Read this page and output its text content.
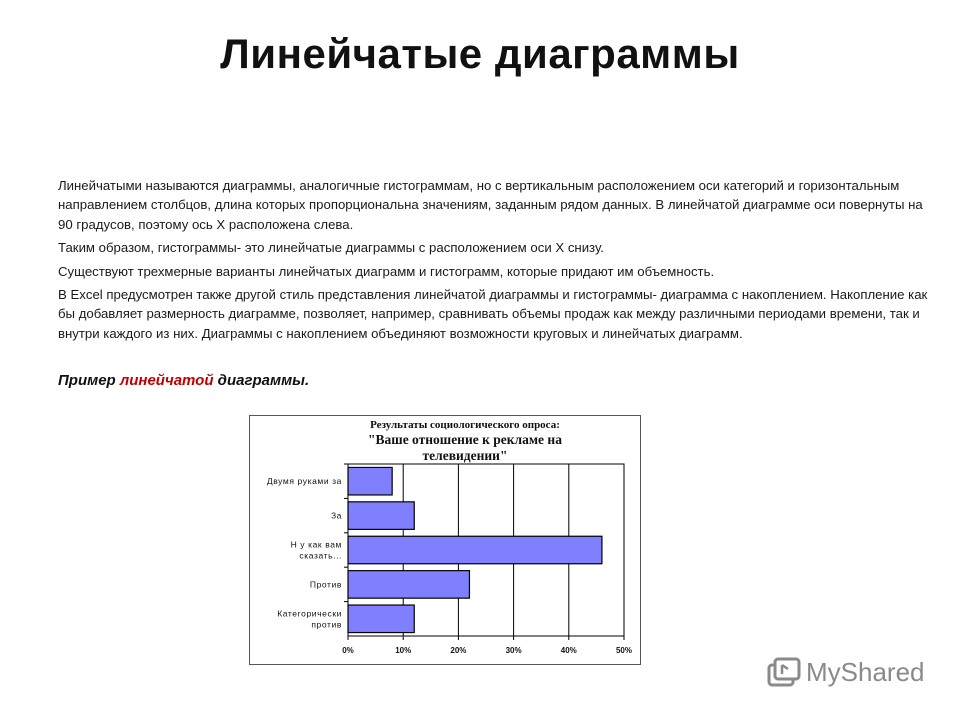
Линейчатые диаграммы

Линейчатыми называются диаграммы, аналогичные гистограммам, но с вертикальным расположением оси категорий и горизонтальным направлением столбцов, длина которых пропорциональна значениям, заданным рядом данных. В линейчатой диаграмме оси повернуты на 90 градусов, поэтому ось X расположена слева.

Таким образом, гистограммы- это линейчатые диаграммы с расположением оси X снизу.

Существуют трехмерные варианты линейчатых диаграмм и гистограмм, которые придают им объемность.

В Excel предусмотрен также другой стиль представления линейчатой диаграммы и гистограммы- диаграмма с накоплением. Накопление как бы добавляет размерность диаграмме, позволяет, например, сравнивать объемы продаж как между различными периодами времени, так и внутри каждого из них. Диаграммы с накоплением объединяют возможности круговых и линейчатых диаграмм.

Пример линейчатой диаграммы.
Результаты социологического опроса:
"Ваше отношение к рекламе на телевидении"
0%	10%	20%	30%	40%	50%
Двумя руками за
За
Н у как вам
сказать...
Против
Категорически
против
MyShared
